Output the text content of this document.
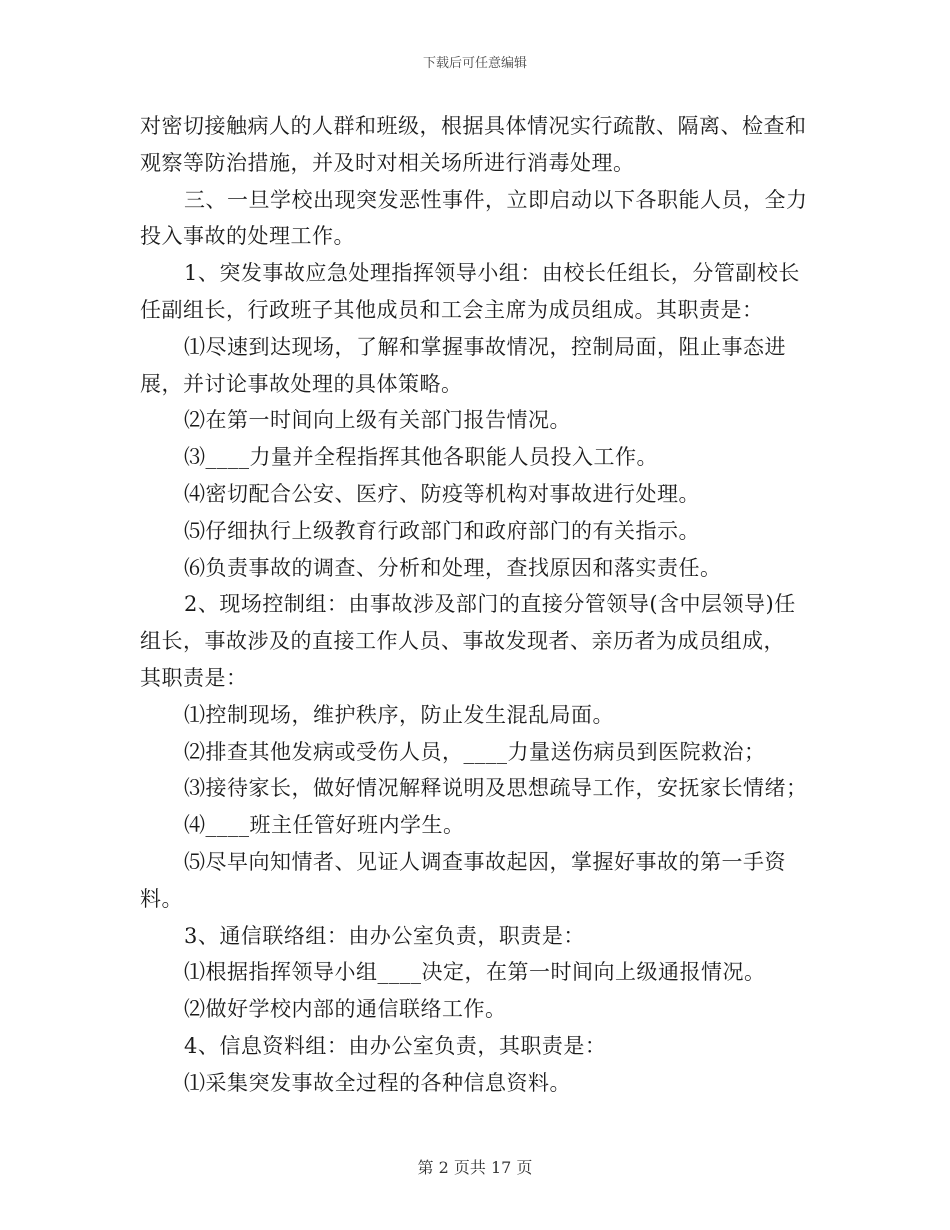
下载后可任意编辑

对密切接触病人的人群和班级，根据具体情况实行疏散、隔离、检查和观察等防治措施，并及时对相关场所进行消毒处理。

三、一旦学校出现突发恶性事件，立即启动以下各职能人员，全力投入事故的处理工作。

1、突发事故应急处理指挥领导小组：由校长任组长，分管副校长任副组长，行政班子其他成员和工会主席为成员组成。其职责是：

⑴尽速到达现场，了解和掌握事故情况，控制局面，阻止事态进展，并讨论事故处理的具体策略。

⑵在第一时间向上级有关部门报告情况。

⑶____力量并全程指挥其他各职能人员投入工作。

⑷密切配合公安、医疗、防疫等机构对事故进行处理。

⑸仔细执行上级教育行政部门和政府部门的有关指示。

⑹负责事故的调查、分析和处理，查找原因和落实责任。

2、现场控制组：由事故涉及部门的直接分管领导(含中层领导)任组长，事故涉及的直接工作人员、事故发现者、亲历者为成员组成，

其职责是：

⑴控制现场，维护秩序，防止发生混乱局面。

⑵排查其他发病或受伤人员，____力量送伤病员到医院救治；

⑶接待家长，做好情况解释说明及思想疏导工作，安抚家长情绪；

⑷____班主任管好班内学生。

⑸尽早向知情者、见证人调查事故起因，掌握好事故的第一手资料。

3、通信联络组：由办公室负责，职责是：

⑴根据指挥领导小组____决定，在第一时间向上级通报情况。

⑵做好学校内部的通信联络工作。

4、信息资料组：由办公室负责，其职责是：

⑴采集突发事故全过程的各种信息资料。

第 2 页共 17 页
